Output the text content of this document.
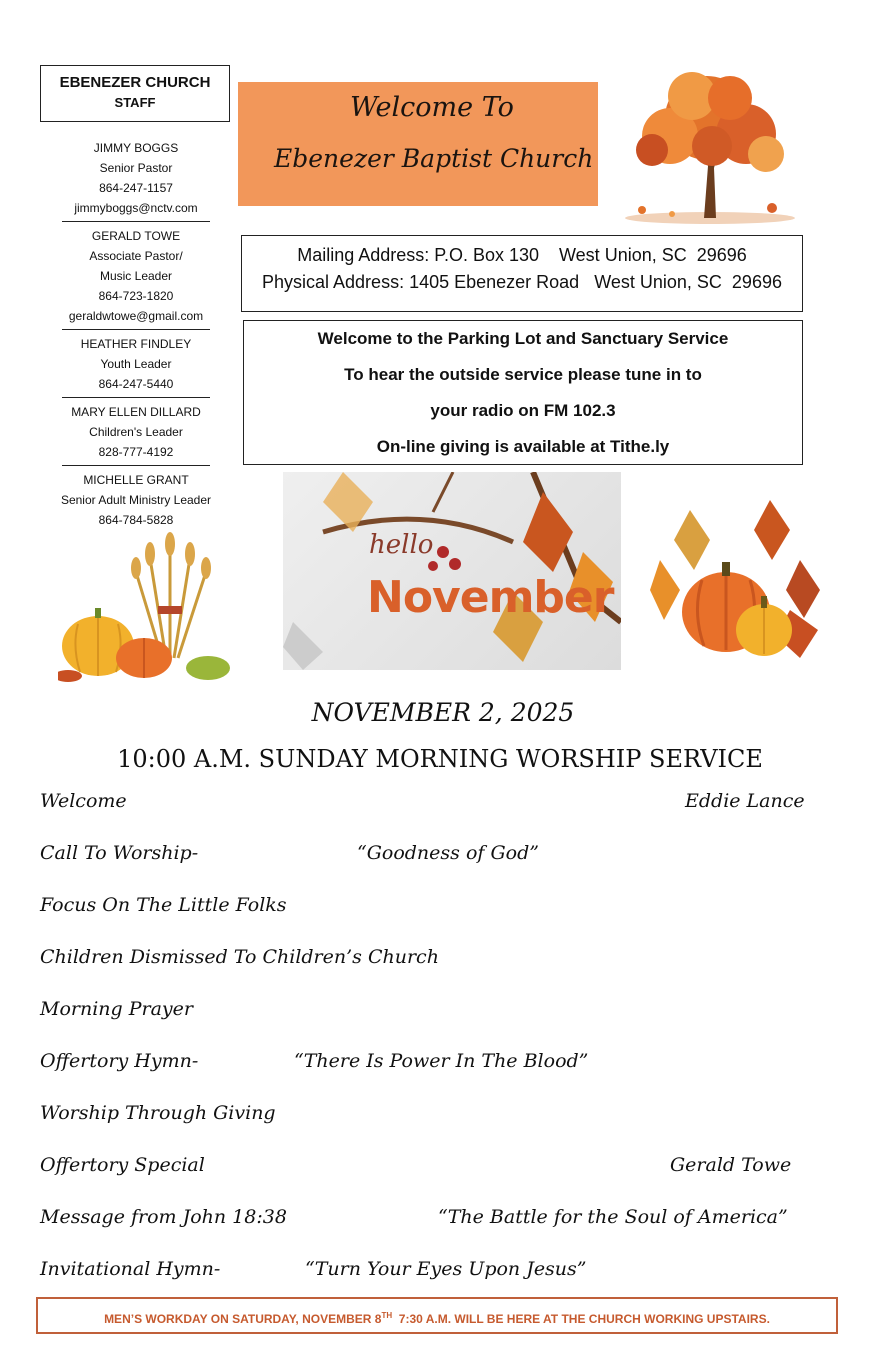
EBENEZER CHURCH
STAFF
JIMMY BOGGS
Senior Pastor
864-247-1157
jimmyboggs@nctv.com
GERALD TOWE
Associate Pastor/
Music Leader
864-723-1820
geraldwtowe@gmail.com
HEATHER FINDLEY
Youth Leader
864-247-5440
MARY ELLEN DILLARD
Children's Leader
828-777-4192
MICHELLE GRANT
Senior Adult Ministry Leader
864-784-5828
Welcome To
Ebenezer Baptist Church
Mailing Address: P.O. Box 130    West Union, SC  29696
Physical Address: 1405 Ebenezer Road   West Union, SC  29696
Welcome to the Parking Lot and Sanctuary Service
To hear the outside service please tune in to
your radio on FM 102.3
On-line giving is available at Tithe.ly
hello
November
NOVEMBER 2, 2025
10:00 A.M. SUNDAY MORNING WORSHIP SERVICE
Welcome	Eddie Lance
Call To Worship-	“Goodness of God”
Focus On The Little Folks
Children Dismissed To Children’s Church
Morning Prayer
Offertory Hymn-	“There Is Power In The Blood”
Worship Through Giving
Offertory Special	Gerald Towe
Message from John 18:38	“The Battle for the Soul of America”
Invitational Hymn-	“Turn Your Eyes Upon Jesus”
MEN’S WORKDAY ON SATURDAY, NOVEMBER 8TH  7:30 A.M. WILL BE HERE AT THE CHURCH WORKING UPSTAIRS.
